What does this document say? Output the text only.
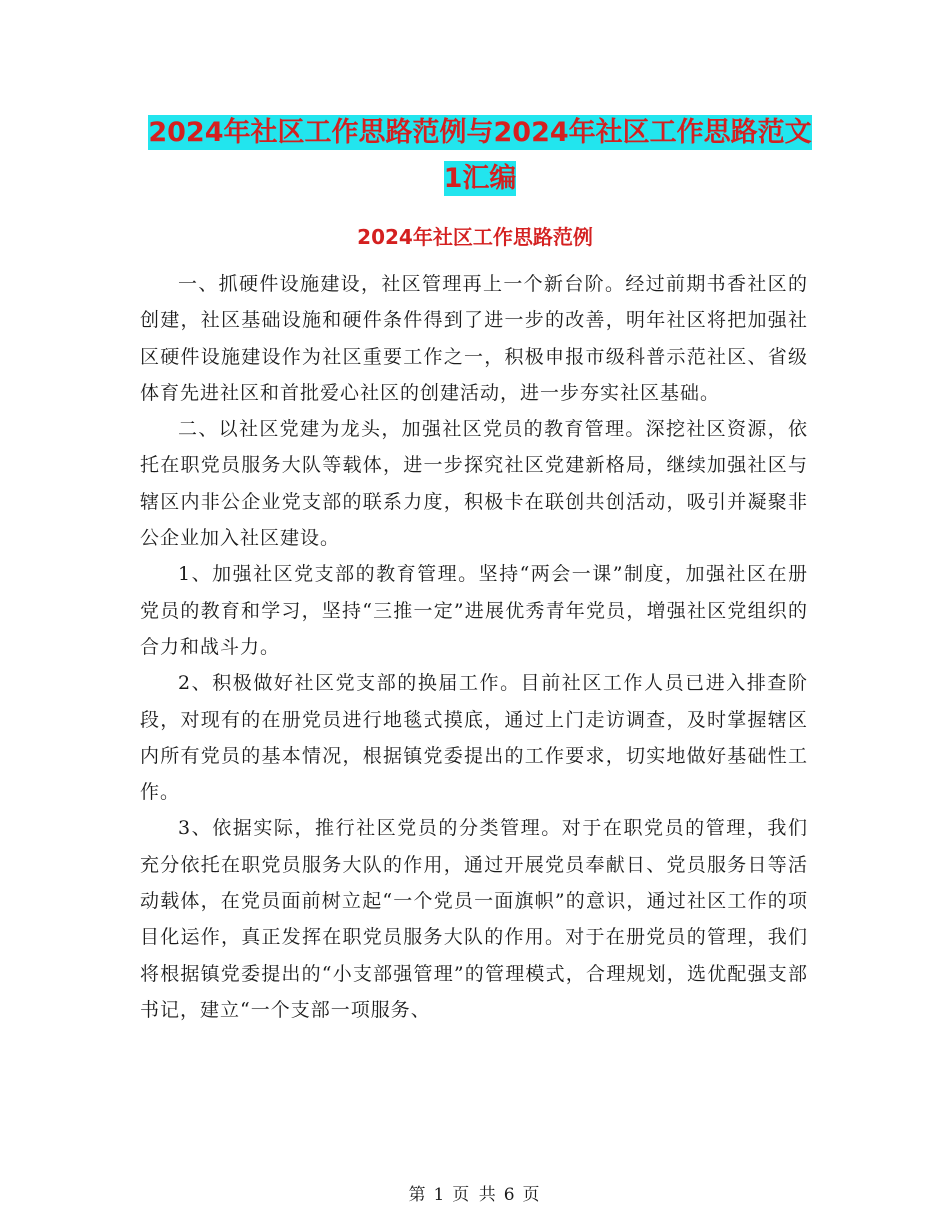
2024年社区工作思路范例与2024年社区工作思路范文
1汇编
2024年社区工作思路范例

一、抓硬件设施建设，社区管理再上一个新台阶。经过前期书香社区的创建，社区基础设施和硬件条件得到了进一步的改善，明年社区将把加强社区硬件设施建设作为社区重要工作之一，积极申报市级科普示范社区、省级体育先进社区和首批爱心社区的创建活动，进一步夯实社区基础。

二、以社区党建为龙头，加强社区党员的教育管理。深挖社区资源，依托在职党员服务大队等载体，进一步探究社区党建新格局，继续加强社区与辖区内非公企业党支部的联系力度，积极卡在联创共创活动，吸引并凝聚非公企业加入社区建设。

1、加强社区党支部的教育管理。坚持“两会一课”制度，加强社区在册党员的教育和学习，坚持“三推一定”进展优秀青年党员，增强社区党组织的合力和战斗力。

2、积极做好社区党支部的换届工作。目前社区工作人员已进入排查阶段，对现有的在册党员进行地毯式摸底，通过上门走访调查，及时掌握辖区内所有党员的基本情况，根据镇党委提出的工作要求，切实地做好基础性工作。

3、依据实际，推行社区党员的分类管理。对于在职党员的管理，我们充分依托在职党员服务大队的作用，通过开展党员奉献日、党员服务日等活动载体，在党员面前树立起“一个党员一面旗帜”的意识，通过社区工作的项目化运作，真正发挥在职党员服务大队的作用。对于在册党员的管理，我们将根据镇党委提出的“小支部强管理”的管理模式，合理规划，选优配强支部书记，建立“一个支部一项服务、

第 1 页 共 6 页
